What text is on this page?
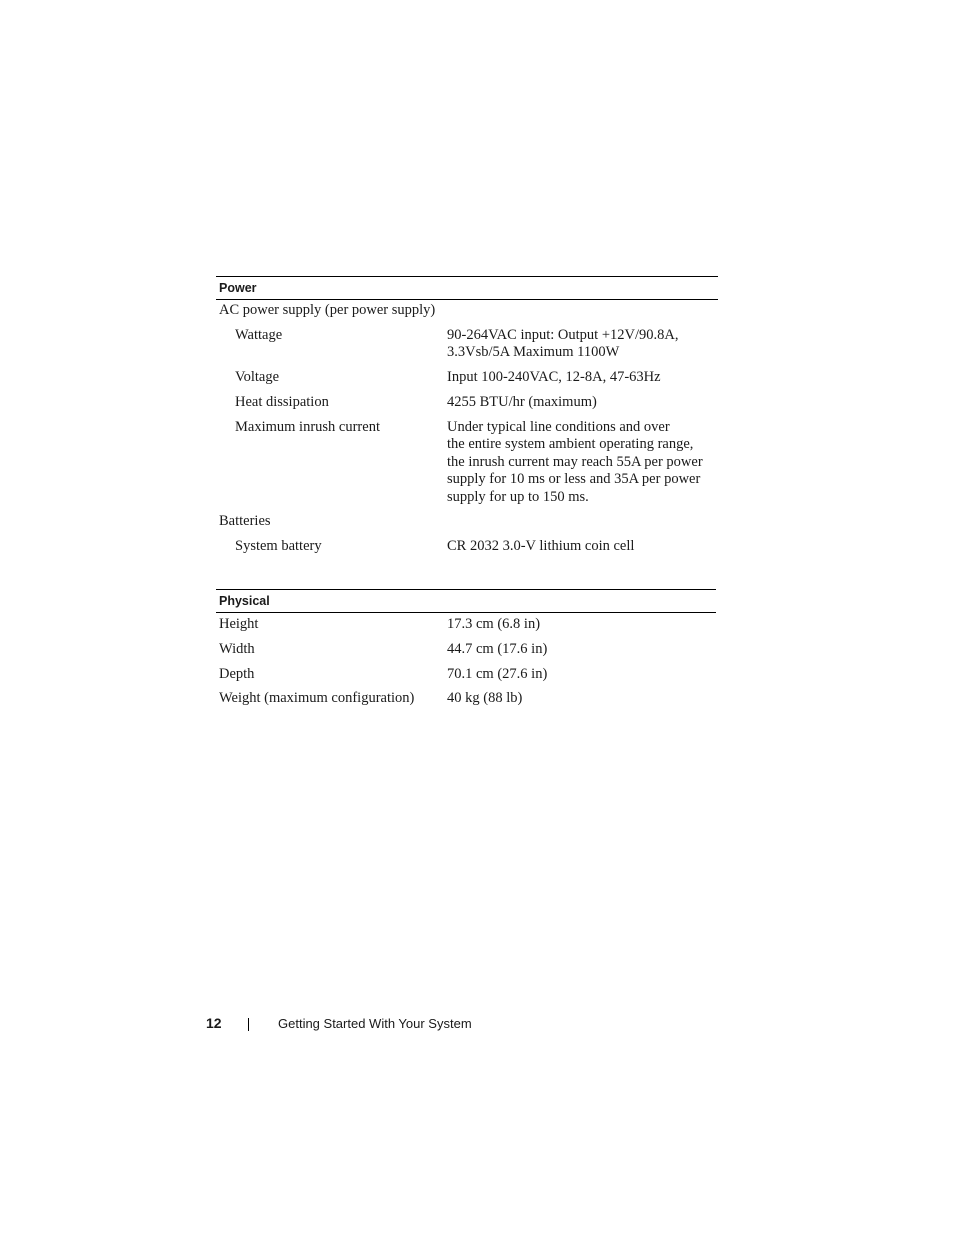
Power
AC power supply (per power supply)
Wattage	90-264VAC input: Output +12V/90.8A,
3.3Vsb/5A Maximum 1100W
Voltage	Input 100-240VAC, 12-8A, 47-63Hz
Heat dissipation	4255 BTU/hr (maximum)
Maximum inrush current	Under typical line conditions and over
the entire system ambient operating range,
the inrush current may reach 55A per power
supply for 10 ms or less and 35A per power
supply for up to 150 ms.
Batteries
System battery	CR 2032 3.0-V lithium coin cell
Physical
Height	17.3 cm (6.8 in)
Width	44.7 cm (17.6 in)
Depth	70.1 cm (27.6 in)
Weight (maximum configuration) 40 kg (88 lb)
12	Getting Started With Your System
